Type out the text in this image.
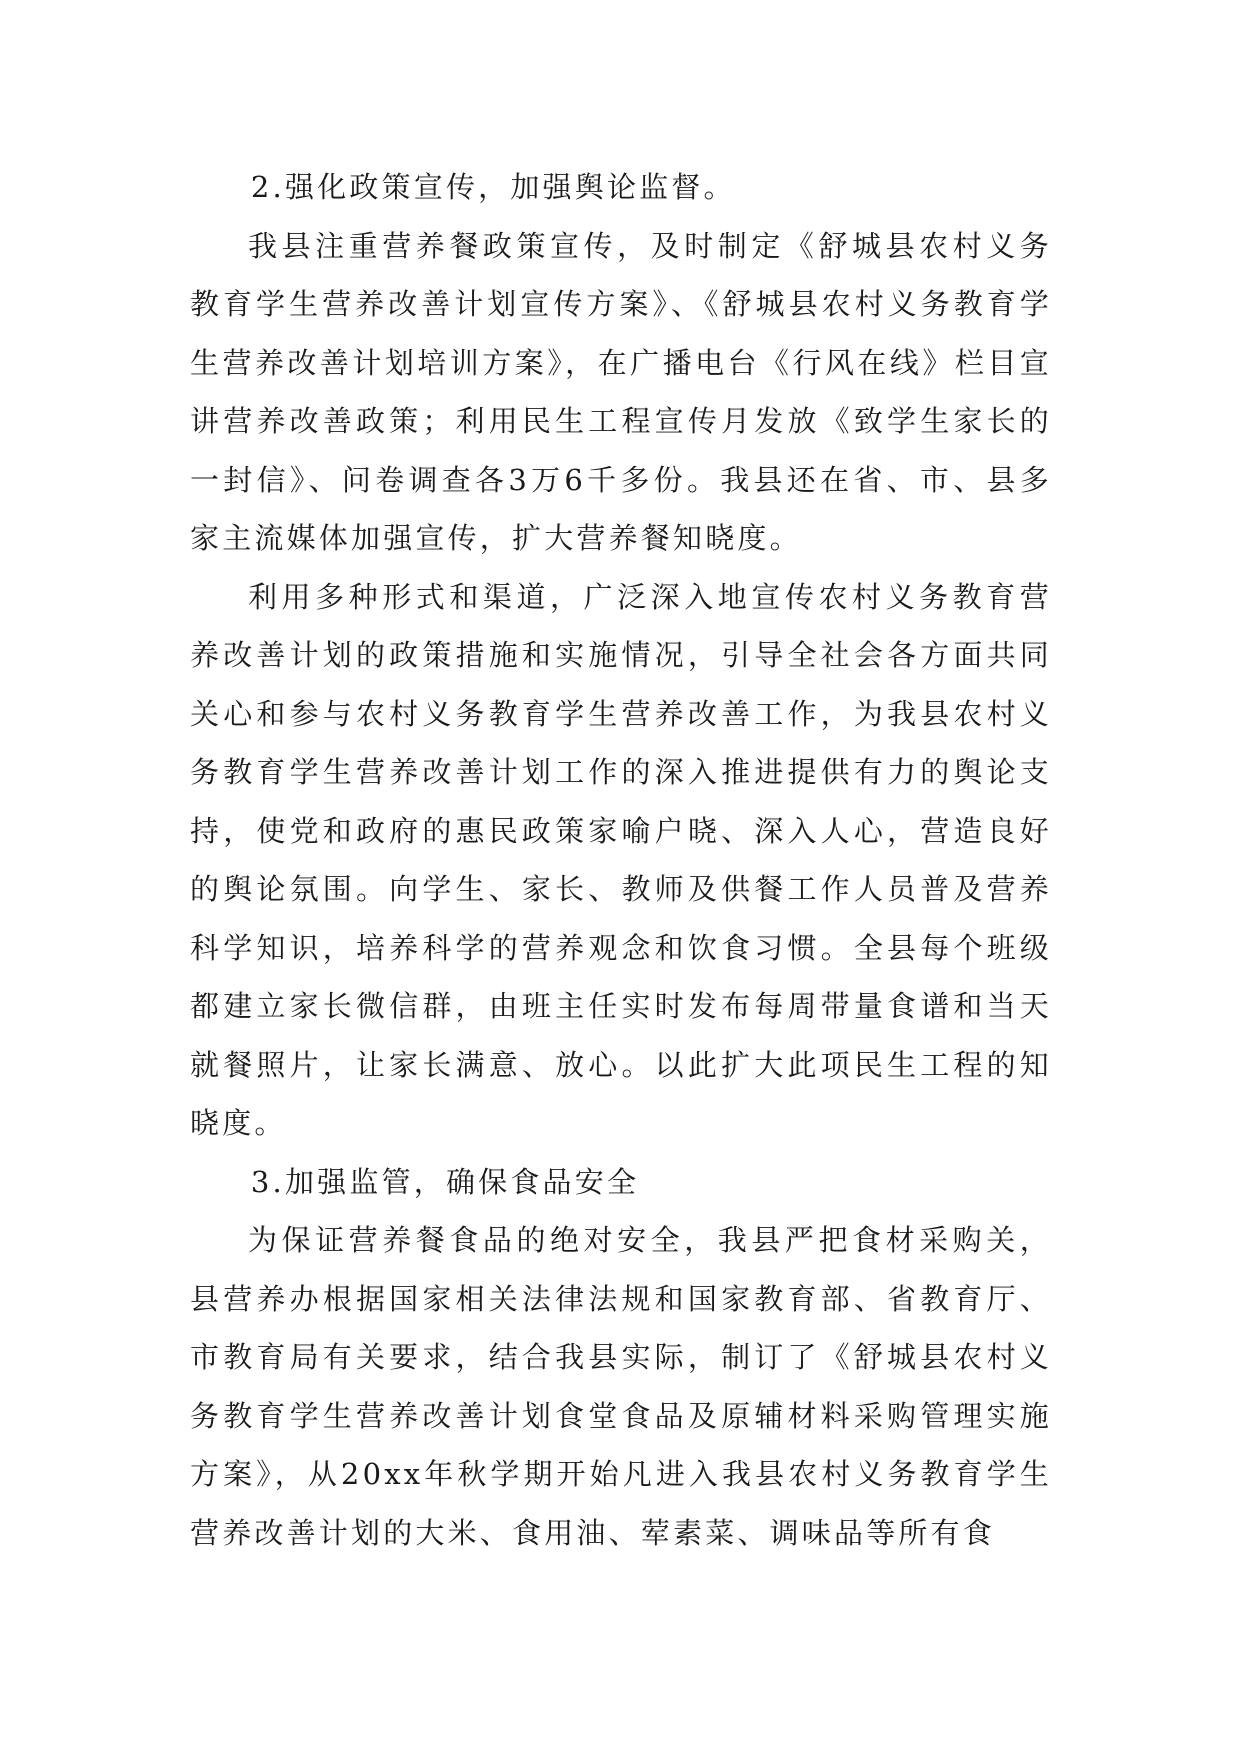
2.强化政策宣传，加强舆论监督。

我县注重营养餐政策宣传，及时制定《舒城县农村义务教育学生营养改善计划宣传方案》、《舒城县农村义务教育学生营养改善计划培训方案》，在广播电台《行风在线》栏目宣讲营养改善政策；利用民生工程宣传月发放《致学生家长的一封信》、问卷调查各3万6千多份。我县还在省、市、县多家主流媒体加强宣传，扩大营养餐知晓度。

利用多种形式和渠道，广泛深入地宣传农村义务教育营养改善计划的政策措施和实施情况，引导全社会各方面共同关心和参与农村义务教育学生营养改善工作，为我县农村义务教育学生营养改善计划工作的深入推进提供有力的舆论支持，使党和政府的惠民政策家喻户晓、深入人心，营造良好的舆论氛围。向学生、家长、教师及供餐工作人员普及营养科学知识，培养科学的营养观念和饮食习惯。全县每个班级都建立家长微信群，由班主任实时发布每周带量食谱和当天就餐照片，让家长满意、放心。以此扩大此项民生工程的知晓度。

3.加强监管，确保食品安全

为保证营养餐食品的绝对安全，我县严把食材采购关，县营养办根据国家相关法律法规和国家教育部、省教育厅、市教育局有关要求，结合我县实际，制订了《舒城县农村义务教育学生营养改善计划食堂食品及原辅材料采购管理实施方案》，从20xx年秋学期开始凡进入我县农村义务教育学生营养改善计划的大米、食用油、荤素菜、调味品等所有食
